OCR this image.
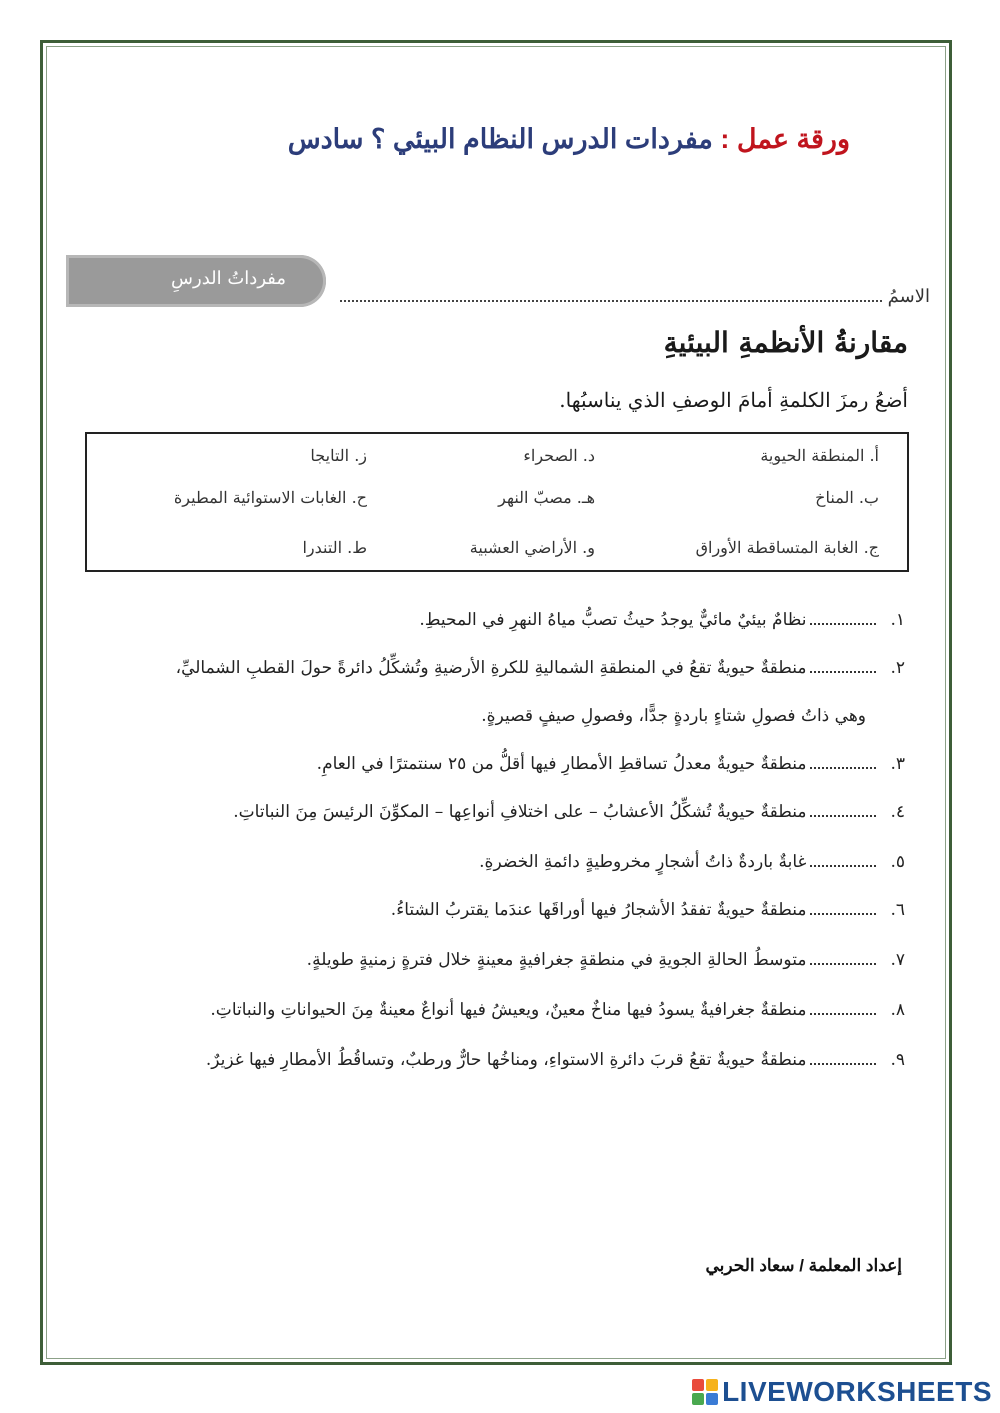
ورقة عمل : مفردات الدرس النظام البيئي ؟ سادس
مفرداتُ الدرسِ
الاسمُ
مقارنةُ الأنظمةِ البيئيةِ
أضعُ رمزَ الكلمةِ أمامَ الوصفِ الذي يناسبُها.
أ. المنطقة الحيوية
د. الصحراء
ز. التايجا
ب. المناخ
هـ. مصبّ النهر
ح. الغابات الاستوائية المطيرة
ج. الغابة المتساقطة الأوراق
و. الأراضي العشبية
ط. التندرا
١.نظامٌ بيئيٌ مائيٌّ يوجدُ حيثُ تصبُّ مياهُ النهرِ في المحيطِ.
٢.منطقةٌ حيويةٌ تقعُ في المنطقةِ الشماليةِ للكرةِ الأرضيةِ وتُشكِّلُ دائرةً حولَ القطبِ الشماليِّ،
وهي ذاتُ فصولِ شتاءٍ باردةٍ جدًّا، وفصولِ صيفٍ قصيرةٍ.
٣.منطقةٌ حيويةٌ معدلُ تساقطِ الأمطارِ فيها أقلُّ من ٢٥ سنتمترًا في العامِ.
٤.منطقةٌ حيويةٌ تُشكِّلُ الأعشابُ – على اختلافِ أنواعِها – المكوِّنَ الرئيسَ مِنَ النباتاتِ.
٥.غابةٌ باردةٌ ذاتُ أشجارٍ مخروطيةٍ دائمةِ الخضرةِ.
٦.منطقةٌ حيويةٌ تفقدُ الأشجارُ فيها أوراقَها عندَما يقتربُ الشتاءُ.
٧.متوسطُ الحالةِ الجويةِ في منطقةٍ جغرافيةٍ معينةٍ خلال فترةٍ زمنيةٍ طويلةٍ.
٨.منطقةٌ جغرافيةٌ يسودُ فيها مناخٌ معينٌ، ويعيشُ فيها أنواعٌ معينةٌ مِنَ الحيواناتِ والنباتاتِ.
٩.منطقةٌ حيويةٌ تقعُ قربَ دائرةِ الاستواءِ، ومناخُها حارٌّ ورطبٌ، وتساقُطُ الأمطارِ فيها غزيرٌ.
إعداد المعلمة / سعاد الحربي
LIVEWORKSHEETS
